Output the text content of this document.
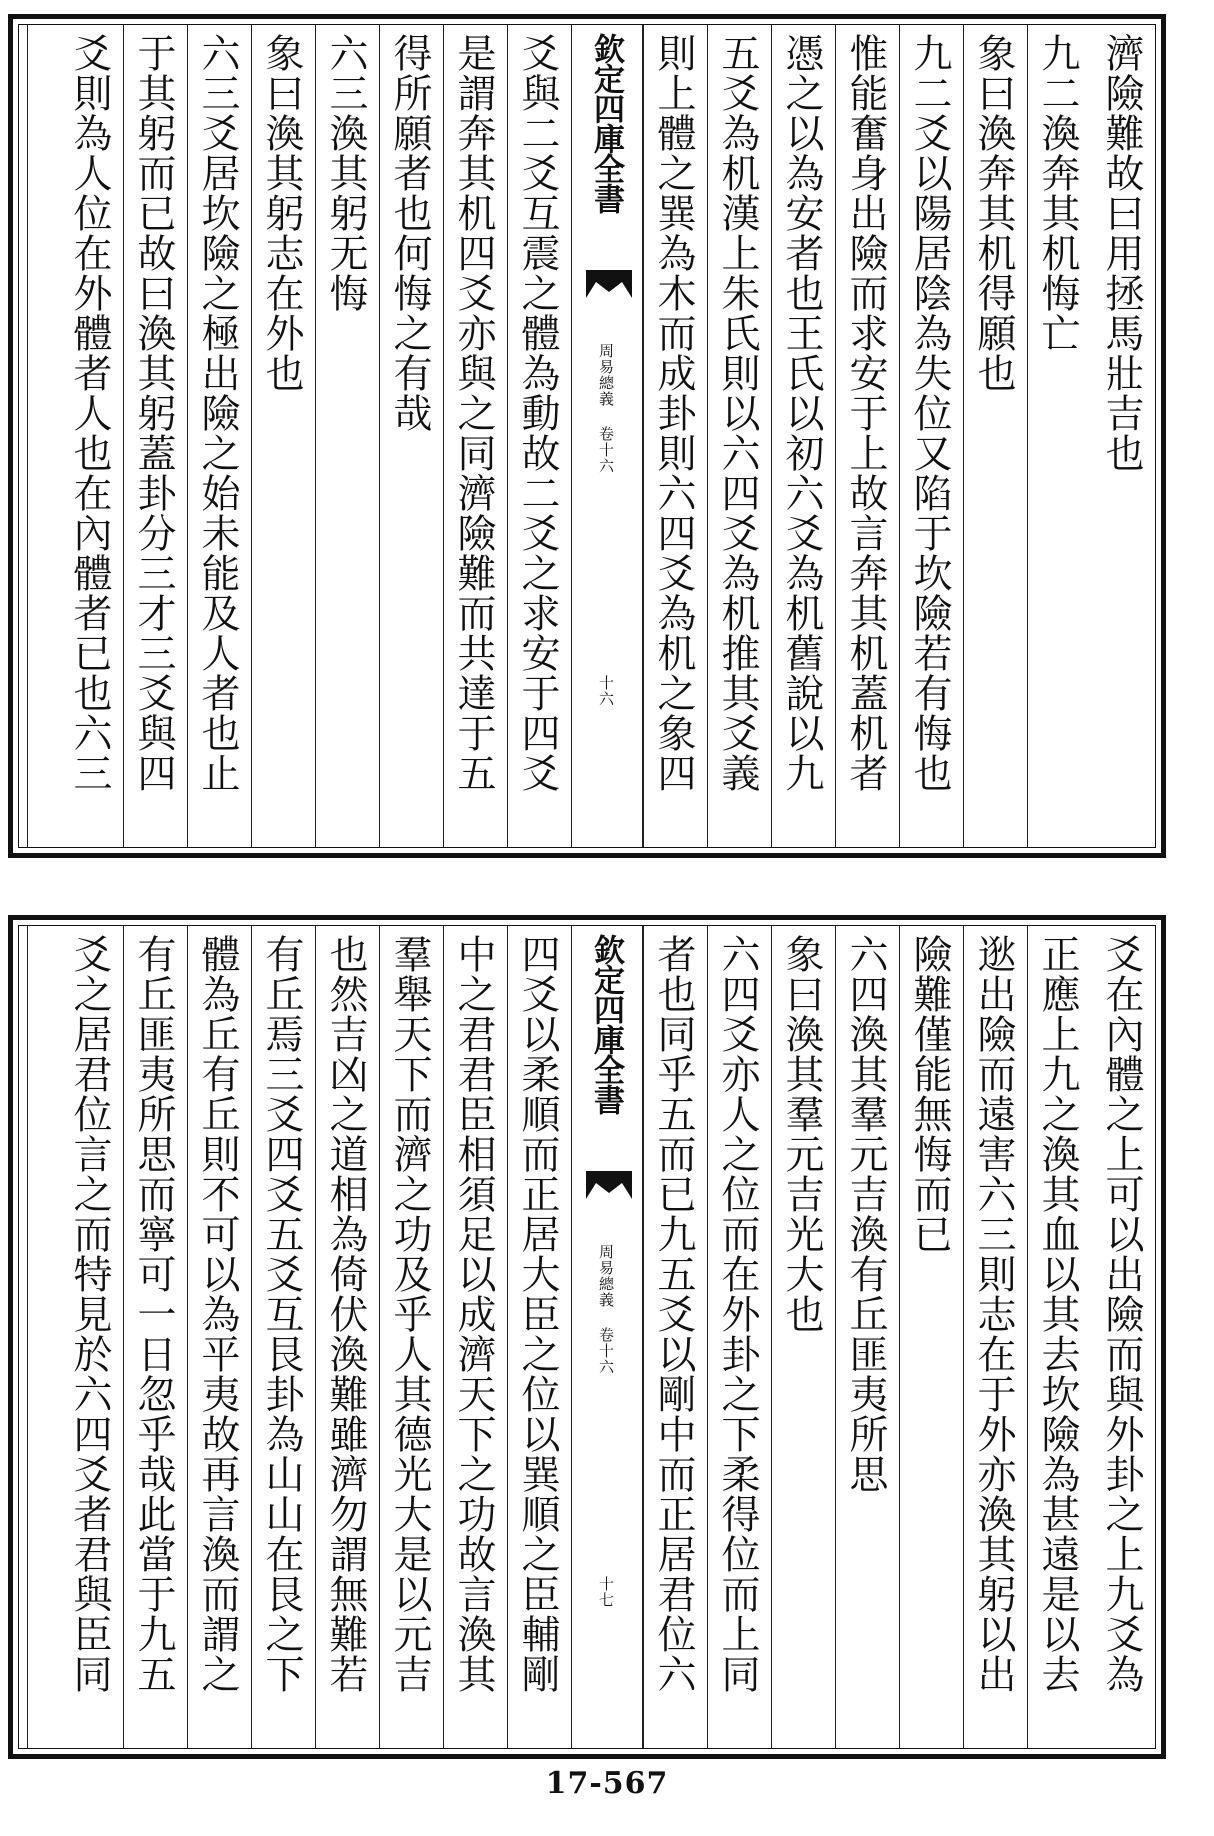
濟險難故曰用拯馬壯吉也
九二渙奔其机悔亡
象曰渙奔其机得願也
九二爻以陽居陰為失位又陷于坎險若有悔也
惟能奮身出險而求安于上故言奔其机蓋机者
憑之以為安者也王氏以初六爻為机舊說以九
五爻為机漢上朱氏則以六四爻為机推其爻義
則上體之巽為木而成卦則六四爻為机之象四
欽定四庫全書
周易總義 卷十六
十六
爻與二爻互震之體為動故二爻之求安于四爻
是謂奔其机四爻亦與之同濟險難而共達于五
得所願者也何悔之有哉
六三渙其躬无悔
象曰渙其躬志在外也
六三爻居坎險之極出險之始未能及人者也止
于其躬而已故曰渙其躬蓋卦分三才三爻與四
爻則為人位在外體者人也在內體者已也六三
爻在內體之上可以出險而與外卦之上九爻為
正應上九之渙其血以其去坎險為甚遠是以去
逖出險而遠害六三則志在于外亦渙其躬以出
險難僅能無悔而已
六四渙其羣元吉渙有丘匪夷所思
象曰渙其羣元吉光大也
六四爻亦人之位而在外卦之下柔得位而上同
者也同乎五而已九五爻以剛中而正居君位六
欽定四庫全書
周易總義 卷十六
十七
四爻以柔順而正居大臣之位以巽順之臣輔剛
中之君君臣相須足以成濟天下之功故言渙其
羣舉天下而濟之功及乎人其德光大是以元吉
也然吉凶之道相為倚伏渙難雖濟勿謂無難若
有丘焉三爻四爻五爻互艮卦為山山在艮之下
體為丘有丘則不可以為平夷故再言渙而謂之
有丘匪夷所思而寧可一日忽乎哉此當于九五
爻之居君位言之而特見於六四爻者君與臣同
17-567
